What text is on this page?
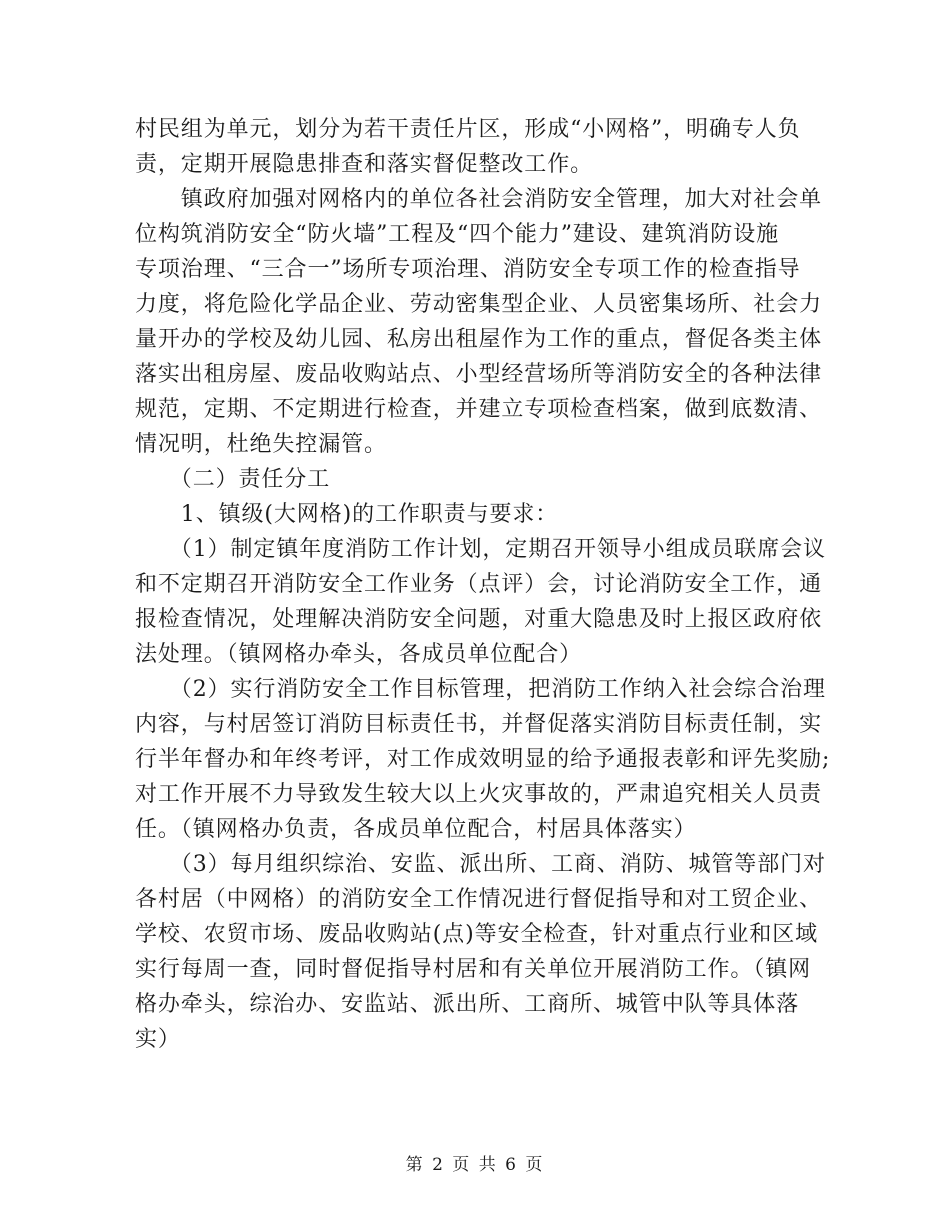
村民组为单元，划分为若干责任片区，形成“小网格”，明确专人负
责，定期开展隐患排查和落实督促整改工作。
　　镇政府加强对网格内的单位各社会消防安全管理，加大对社会单
位构筑消防安全“防火墙”工程及“四个能力”建设、建筑消防设施
专项治理、“三合一”场所专项治理、消防安全专项工作的检查指导
力度，将危险化学品企业、劳动密集型企业、人员密集场所、社会力
量开办的学校及幼儿园、私房出租屋作为工作的重点，督促各类主体
落实出租房屋、废品收购站点、小型经营场所等消防安全的各种法律
规范，定期、不定期进行检查，并建立专项检查档案，做到底数清、
情况明，杜绝失控漏管。
　　（二）责任分工
　　1、镇级(大网格)的工作职责与要求：
　　（1）制定镇年度消防工作计划，定期召开领导小组成员联席会议
和不定期召开消防安全工作业务（点评）会，讨论消防安全工作，通
报检查情况，处理解决消防安全问题，对重大隐患及时上报区政府依
法处理。（镇网格办牵头，各成员单位配合）
　　（2）实行消防安全工作目标管理，把消防工作纳入社会综合治理
内容，与村居签订消防目标责任书，并督促落实消防目标责任制，实
行半年督办和年终考评，对工作成效明显的给予通报表彰和评先奖励;
对工作开展不力导致发生较大以上火灾事故的，严肃追究相关人员责
任。（镇网格办负责，各成员单位配合，村居具体落实）
　　（3）每月组织综治、安监、派出所、工商、消防、城管等部门对
各村居（中网格）的消防安全工作情况进行督促指导和对工贸企业、
学校、农贸市场、废品收购站(点)等安全检查，针对重点行业和区域
实行每周一查，同时督促指导村居和有关单位开展消防工作。（镇网
格办牵头，综治办、安监站、派出所、工商所、城管中队等具体落
实）
第 2 页 共 6 页
